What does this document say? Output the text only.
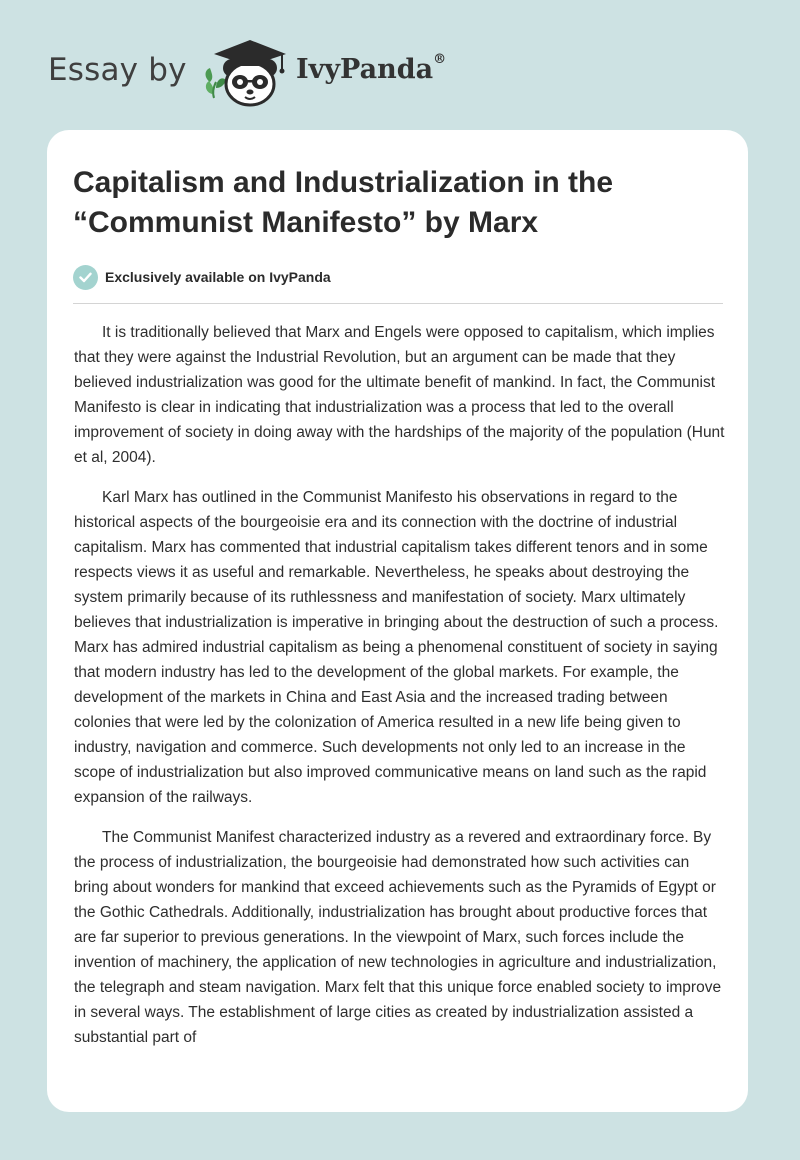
Essay by	IvyPanda®
Capitalism and Industrialization in the “Communist Manifesto” by Marx
Exclusively available on IvyPanda

It is traditionally believed that Marx and Engels were opposed to capitalism, which implies that they were against the Industrial Revolution, but an argument can be made that they believed industrialization was good for the ultimate benefit of mankind. In fact, the Communist Manifesto is clear in indicating that industrialization was a process that led to the overall improvement of society in doing away with the hardships of the majority of the population (Hunt et al, 2004).

Karl Marx has outlined in the Communist Manifesto his observations in regard to the historical aspects of the bourgeoisie era and its connection with the doctrine of industrial capitalism. Marx has commented that industrial capitalism takes different tenors and in some respects views it as useful and remarkable. Nevertheless, he speaks about destroying the system primarily because of its ruthlessness and manifestation of society. Marx ultimately believes that industrialization is imperative in bringing about the destruction of such a process. Marx has admired industrial capitalism as being a phenomenal constituent of society in saying that modern industry has led to the development of the global markets. For example, the development of the markets in China and East Asia and the increased trading between colonies that were led by the colonization of America resulted in a new life being given to industry, navigation and commerce. Such developments not only led to an increase in the scope of industrialization but also improved communicative means on land such as the rapid expansion of the railways.

The Communist Manifest characterized industry as a revered and extraordinary force. By the process of industrialization, the bourgeoisie had demonstrated how such activities can bring about wonders for mankind that exceed achievements such as the Pyramids of Egypt or the Gothic Cathedrals. Additionally, industrialization has brought about productive forces that are far superior to previous generations. In the viewpoint of Marx, such forces include the invention of machinery, the application of new technologies in agriculture and industrialization, the telegraph and steam navigation. Marx felt that this unique force enabled society to improve in several ways. The establishment of large cities as created by industrialization assisted a substantial part of
